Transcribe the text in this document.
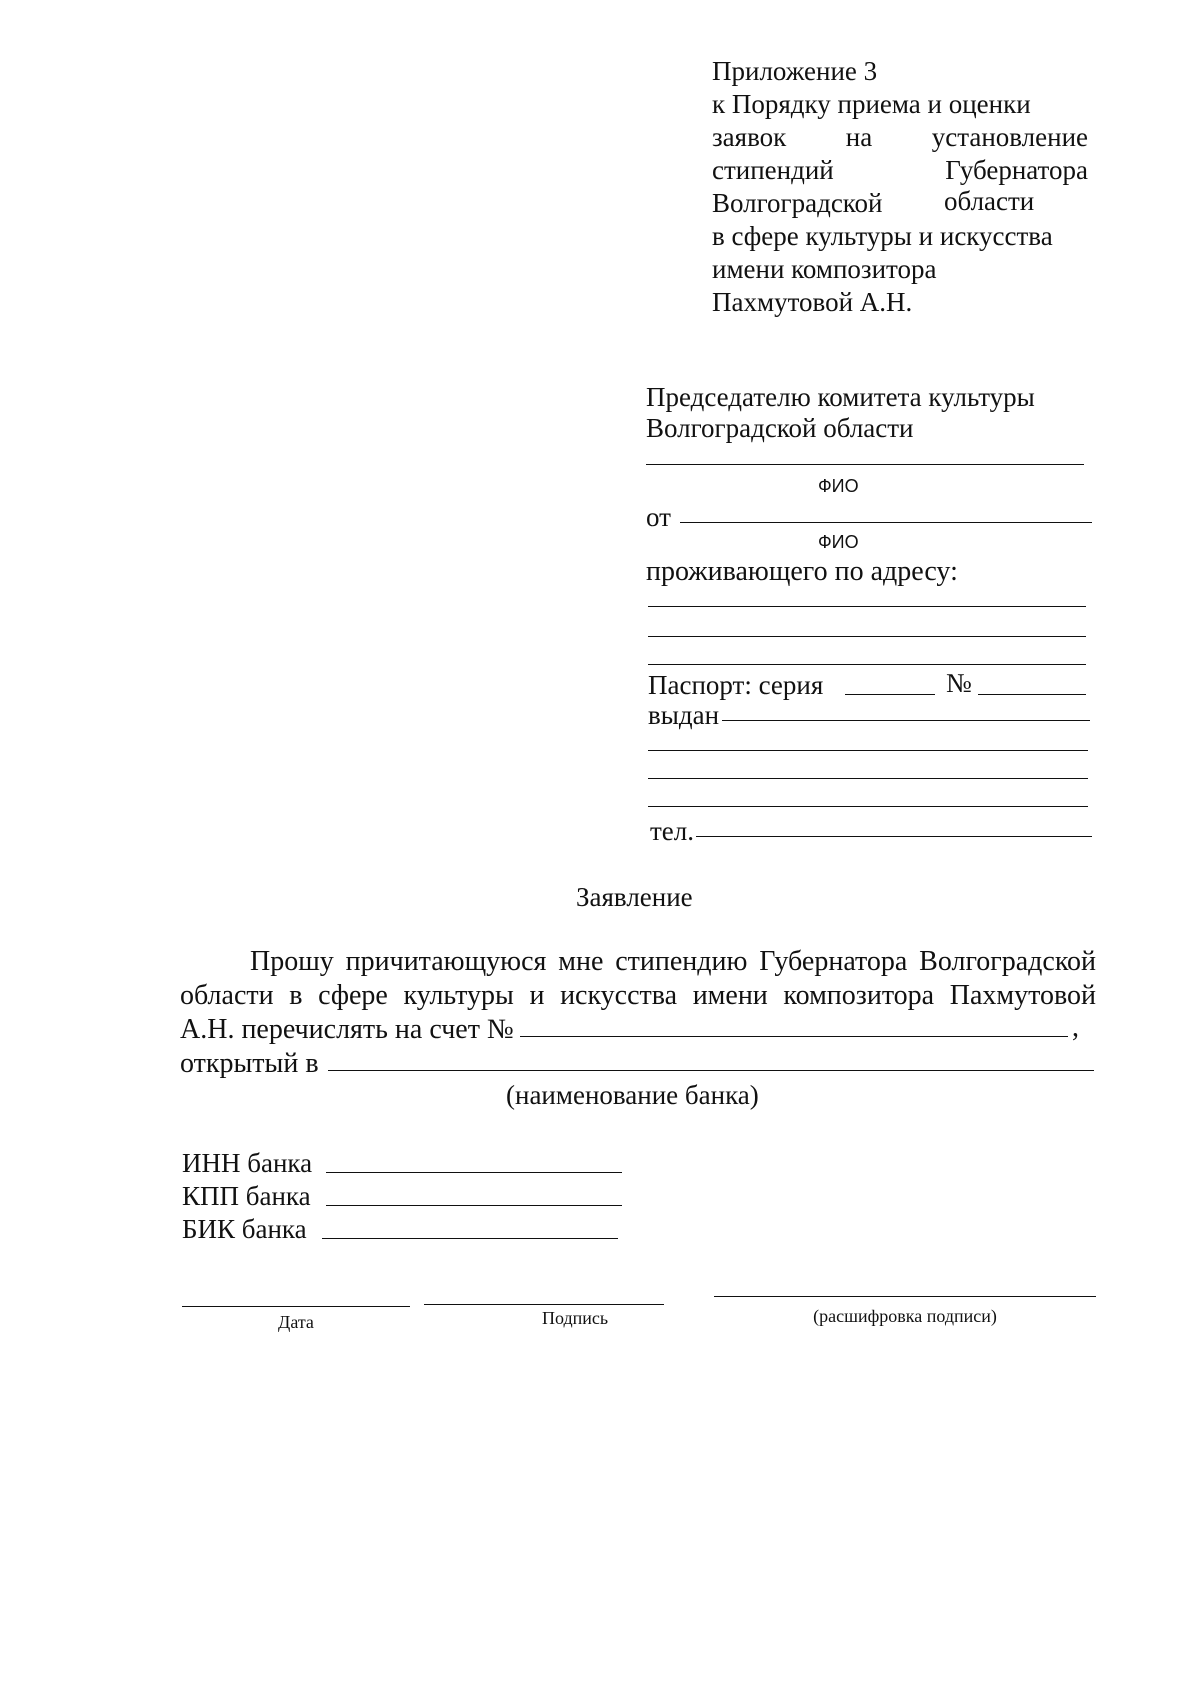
Приложение 3
к Порядку приема и оценки
заявок на установление
стипендий	Губернатора
Волгоградской области
в сфере культуры и искусства
имени композитора
Пахмутовой А.Н.
Председателю комитета культуры
Волгоградской области
ФИО
от
ФИО
проживающего по адресу:
Паспорт: серия	№
выдан
тел.
Заявление
Прошу причитающуюся мне стипендию Губернатора Волгоградской
области в сфере культуры и искусства имени композитора Пахмутовой
А.Н. перечислять на счет №	,
открытый в
(наименование банка)
ИНН банка
КПП банка
БИК банка
Дата	Подпись	(расшифровка подписи)
